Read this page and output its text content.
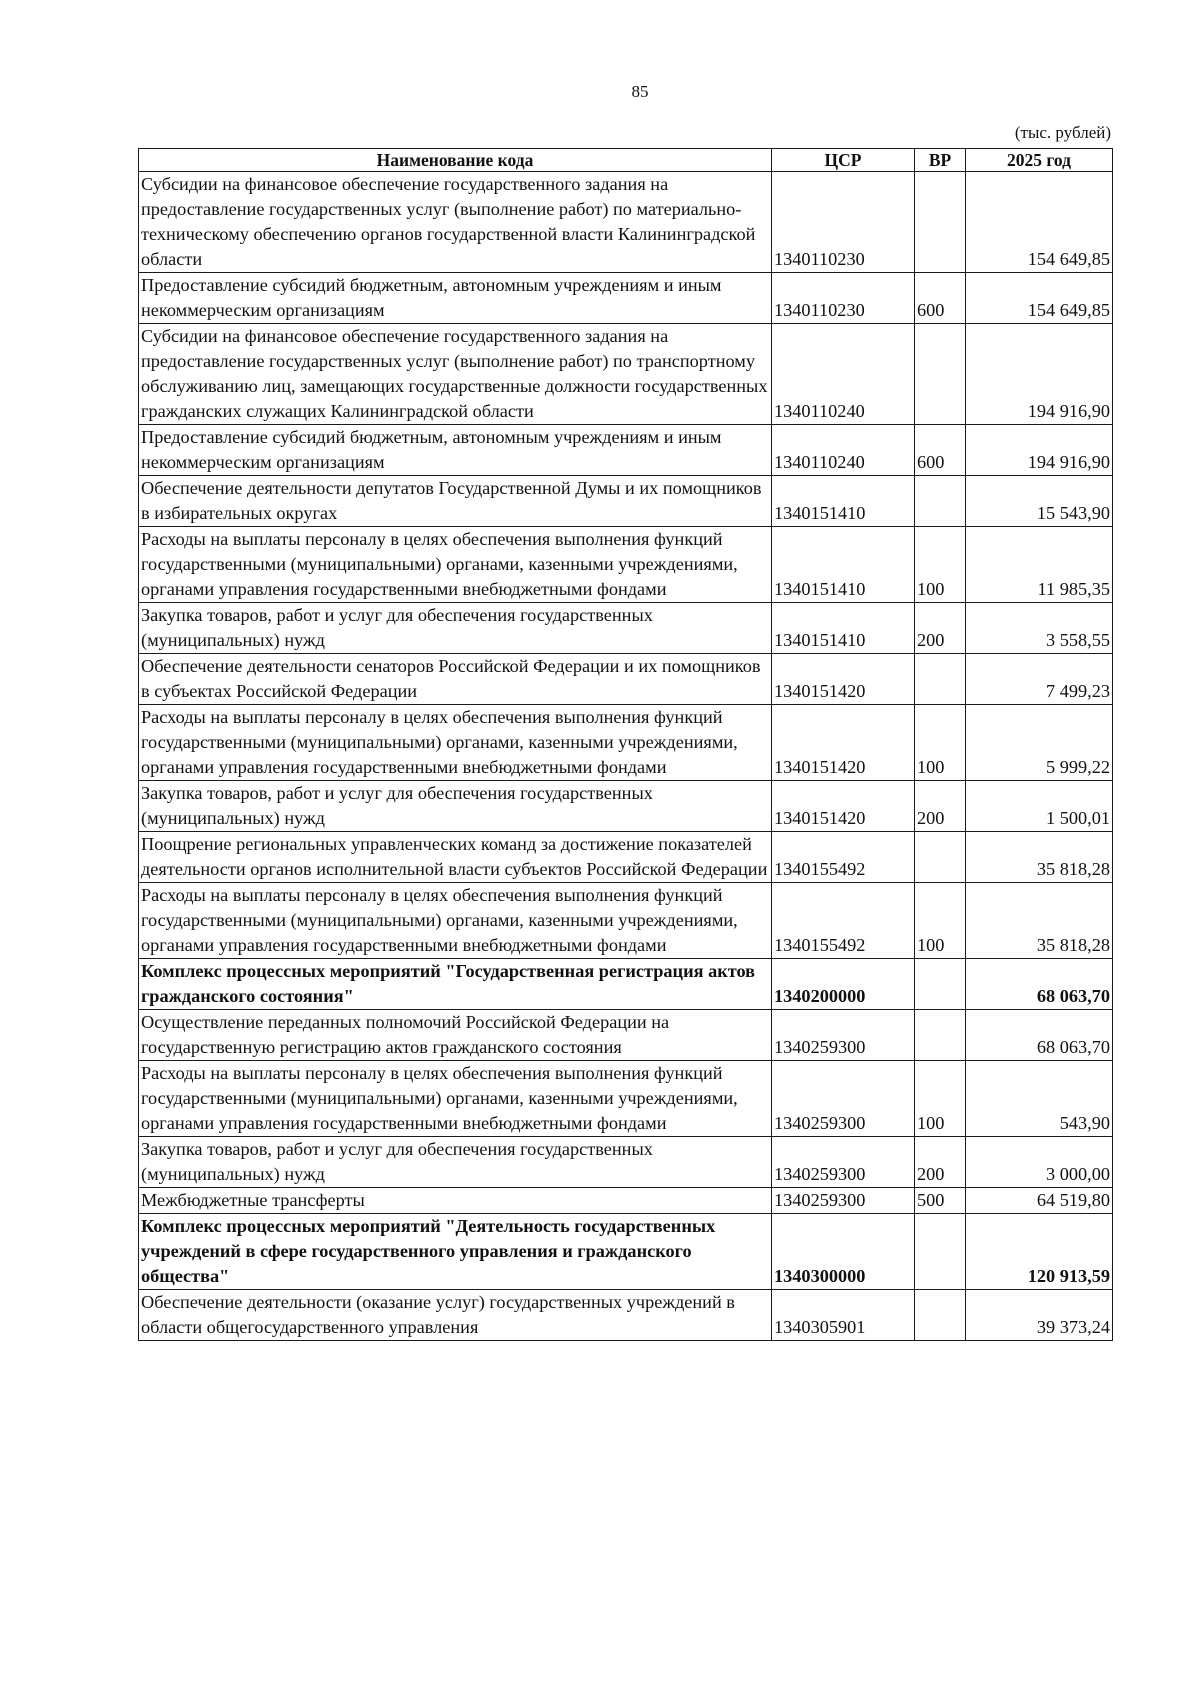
85
(тыс. рублей)
Наименование кода	ЦСР	ВР	2025 год
Субсидии на финансовое обеспечение государственного задания на предоставление государственных услуг (выполнение работ) по материально-техническому обеспечению органов государственной власти Калининградской области	1340110230		154 649,85
Предоставление субсидий бюджетным, автономным учреждениям и иным некоммерческим организациям	1340110230	600	154 649,85
Субсидии на финансовое обеспечение государственного задания на предоставление государственных услуг (выполнение работ) по транспортному обслуживанию лиц, замещающих государственные должности государственных гражданских служащих Калининградской области	1340110240		194 916,90
Предоставление субсидий бюджетным, автономным учреждениям и иным некоммерческим организациям	1340110240	600	194 916,90
Обеспечение деятельности депутатов Государственной Думы и их помощников в избирательных округах	1340151410		15 543,90
Расходы на выплаты персоналу в целях обеспечения выполнения функций государственными (муниципальными) органами, казенными учреждениями, органами управления государственными внебюджетными фондами	1340151410	100	11 985,35
Закупка товаров, работ и услуг для обеспечения государственных (муниципальных) нужд	1340151410	200	3 558,55
Обеспечение деятельности сенаторов Российской Федерации и их помощников в субъектах Российской Федерации	1340151420		7 499,23
Расходы на выплаты персоналу в целях обеспечения выполнения функций государственными (муниципальными) органами, казенными учреждениями, органами управления государственными внебюджетными фондами	1340151420	100	5 999,22
Закупка товаров, работ и услуг для обеспечения государственных (муниципальных) нужд	1340151420	200	1 500,01
Поощрение региональных управленческих команд за достижение показателей деятельности органов исполнительной власти субъектов Российской Федерации	1340155492		35 818,28
Расходы на выплаты персоналу в целях обеспечения выполнения функций государственными (муниципальными) органами, казенными учреждениями, органами управления государственными внебюджетными фондами	1340155492	100	35 818,28
Комплекс процессных мероприятий "Государственная регистрация актов гражданского состояния"	1340200000		68 063,70
Осуществление переданных полномочий Российской Федерации на государственную регистрацию актов гражданского состояния	1340259300		68 063,70
Расходы на выплаты персоналу в целях обеспечения выполнения функций государственными (муниципальными) органами, казенными учреждениями, органами управления государственными внебюджетными фондами	1340259300	100	543,90
Закупка товаров, работ и услуг для обеспечения государственных (муниципальных) нужд	1340259300	200	3 000,00
Межбюджетные трансферты	1340259300	500	64 519,80
Комплекс процессных мероприятий "Деятельность государственных учреждений в сфере государственного управления и гражданского общества"	1340300000		120 913,59
Обеспечение деятельности (оказание услуг) государственных учреждений в области общегосударственного управления	1340305901		39 373,24
